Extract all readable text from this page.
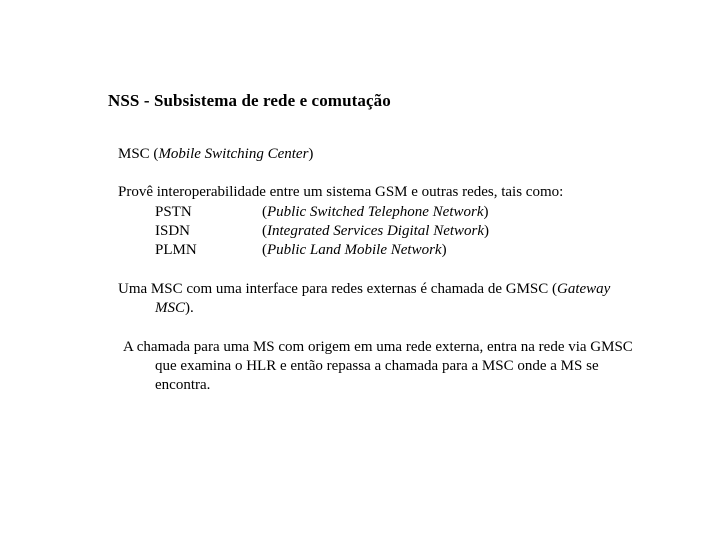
NSS - Subsistema de rede e comutação
MSC (Mobile Switching Center)
Provê interoperabilidade entre um sistema GSM e outras redes, tais como:
PSTN	(Public Switched Telephone Network)
ISDN	(Integrated Services Digital Network)
PLMN	(Public Land Mobile Network)
Uma MSC com uma interface para redes externas é chamada de GMSC (Gateway
MSC).
A chamada para uma MS com origem em uma rede externa, entra na rede via GMSC
que examina o HLR e então repassa a chamada para a MSC onde a MS se
encontra.
